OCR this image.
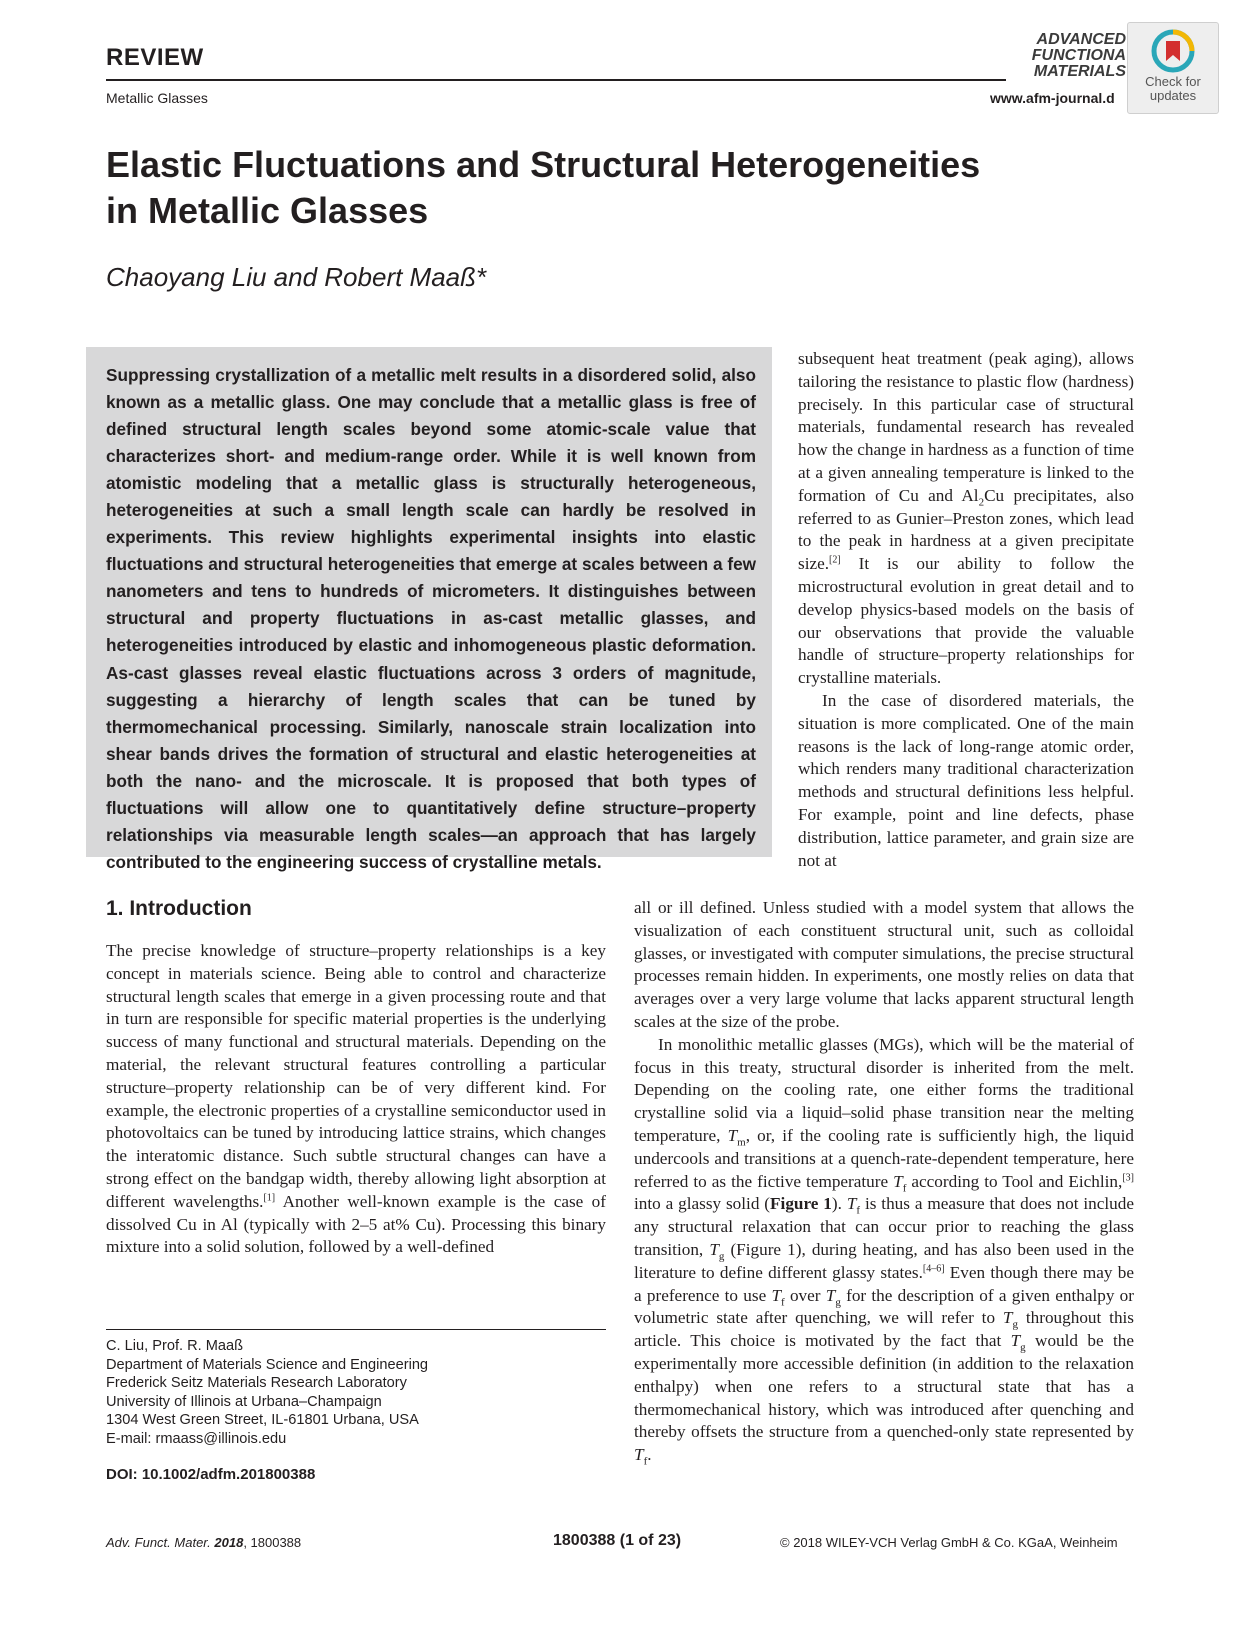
REVIEW
Metallic Glasses
ADVANCED
FUNCTIONA
MATERIALS
www.afm-journal.d
Check for
updates
Elastic Fluctuations and Structural Heterogeneities
in Metallic Glasses
Chaoyang Liu and Robert Maaß*
Suppressing crystallization of a metallic melt results in a disordered solid, also known as a metallic glass. One may conclude that a metallic glass is free of defined structural length scales beyond some atomic-scale value that characterizes short- and medium-range order. While it is well known from atomistic modeling that a metallic glass is structurally heterogeneous, heterogeneities at such a small length scale can hardly be resolved in experiments. This review highlights experimental insights into elastic fluctuations and structural heterogeneities that emerge at scales between a few nanometers and tens to hundreds of micrometers. It distinguishes between structural and property fluctuations in as-cast metallic glasses, and heterogeneities introduced by elastic and inhomogeneous plastic deformation. As-cast glasses reveal elastic fluctuations across 3 orders of magnitude, suggesting a hierarchy of length scales that can be tuned by thermomechanical processing. Similarly, nanoscale strain localization into shear bands drives the formation of structural and elastic heterogeneities at both the nano- and the microscale. It is proposed that both types of fluctuations will allow one to quantitatively define structure–property relationships via measurable length scales—an approach that has largely contributed to the engineering success of crystalline metals.

subsequent heat treatment (peak aging), allows tailoring the resistance to plastic flow (hardness) precisely. In this particular case of structural materials, fundamental research has revealed how the change in hardness as a function of time at a given annealing temperature is linked to the formation of Cu and $Al_2Cu$ precipitates, also referred to as Gunier–Preston zones, which lead to the peak in hardness at a given precipitate size.[2] It is our ability to follow the microstructural evolution in great detail and to develop physics-based models on the basis of our observations that provide the valuable handle of structure–property relationships for crystalline materials.

In the case of disordered materials, the situation is more complicated. One of the main reasons is the lack of long-range atomic order, which renders many traditional characterization methods and structural definitions less helpful. For example, point and line defects, phase distribution, lattice parameter, and grain size are not at

1. Introduction

The precise knowledge of structure–property relationships is a key concept in materials science. Being able to control and characterize structural length scales that emerge in a given processing route and that in turn are responsible for specific material properties is the underlying success of many functional and structural materials. Depending on the material, the relevant structural features controlling a particular structure–property relationship can be of very different kind. For example, the electronic properties of a crystalline semiconductor used in photovoltaics can be tuned by introducing lattice strains, which changes the interatomic distance. Such subtle structural changes can have a strong effect on the bandgap width, thereby allowing light absorption at different wavelengths.[1] Another well-known example is the case of dissolved Cu in Al (typically with 2–5 at% Cu). Processing this binary mixture into a solid solution, followed by a well-defined

all or ill defined. Unless studied with a model system that allows the visualization of each constituent structural unit, such as colloidal glasses, or investigated with computer simulations, the precise structural processes remain hidden. In experiments, one mostly relies on data that averages over a very large volume that lacks apparent structural length scales at the size of the probe.

In monolithic metallic glasses (MGs), which will be the material of focus in this treaty, structural disorder is inherited from the melt. Depending on the cooling rate, one either forms the traditional crystalline solid via a liquid–solid phase transition near the melting temperature, $T_m$, or, if the cooling rate is sufficiently high, the liquid undercools and transitions at a quench-rate-dependent temperature, here referred to as the fictive temperature $T_f$ according to Tool and Eichlin,[3] into a glassy solid (Figure 1). $T_f$ is thus a measure that does not include any structural relaxation that can occur prior to reaching the glass transition, $T_g$ (Figure 1), during heating, and has also been used in the literature to define different glassy states.[4–6] Even though there may be a preference to use $T_f$ over $T_g$ for the description of a given enthalpy or volumetric state after quenching, we will refer to $T_g$ throughout this article. This choice is motivated by the fact that $T_g$ would be the experimentally more accessible definition (in addition to the relaxation enthalpy) when one refers to a structural state that has a thermomechanical history, which was introduced after quenching and thereby offsets the structure from a quenched-only state represented by $T_f$.

C. Liu, Prof. R. Maaß
Department of Materials Science and Engineering
Frederick Seitz Materials Research Laboratory
University of Illinois at Urbana–Champaign
1304 West Green Street, IL-61801 Urbana, USA
E-mail: rmaass@illinois.edu
DOI: 10.1002/adfm.201800388
Adv. Funct. Mater. 2018, 1800388	1800388 (1 of 23)	© 2018 WILEY-VCH Verlag GmbH & Co. KGaA, Weinheim
